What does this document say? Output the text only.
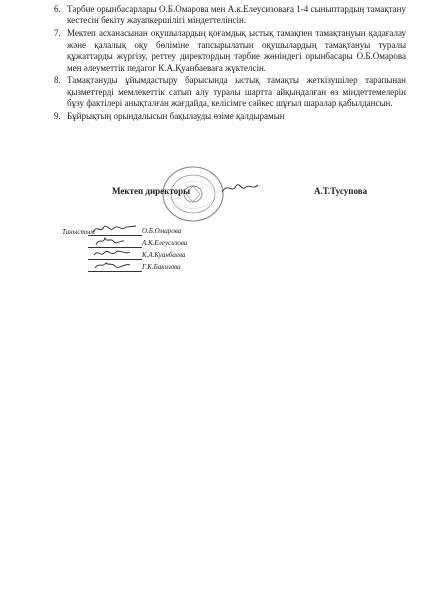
6. Тәрбие орынбасарлары О.Б.Омарова мен А.к.Елеусизоваға 1-4 сыныптардың тамақтану кестесін бекіту жауапкершілігі міндеттелінсін.
7. Мектеп асханасынан оқушылардың қоғамдық ыстық тамақпен тамақтануын қадағалау және қалалық оқу бөліміне тапсырылатын оқушылардың тамақтануы туралы құжаттарды жүргізу, реттеу директордың тәрбие жөніндегі орынбасары О.Б.Омарова мен әлеуметтік педагог К.А.Қуанбаеваға жүктелсін.
8. Тамақтануды ұйымдастыру барысында ыстық тамақты жеткізушілер тарапынан қызметтерді мемлекеттік сатып алу туралы шартта айқындалған өз міндеттемелерін бұзу фактілері анықталған жағдайда, келісімге сәйкес шұғыл шаралар қабылдансын.
9. Бұйрықтың орындалысын бақылауды өзіме қалдырамын
Мектеп директоры	А.Т.Тусупова
Таныстым	О.Б.Омарова
А.К.Елеусизова
К.А.Куанбаева
Г.К.Бакизова
